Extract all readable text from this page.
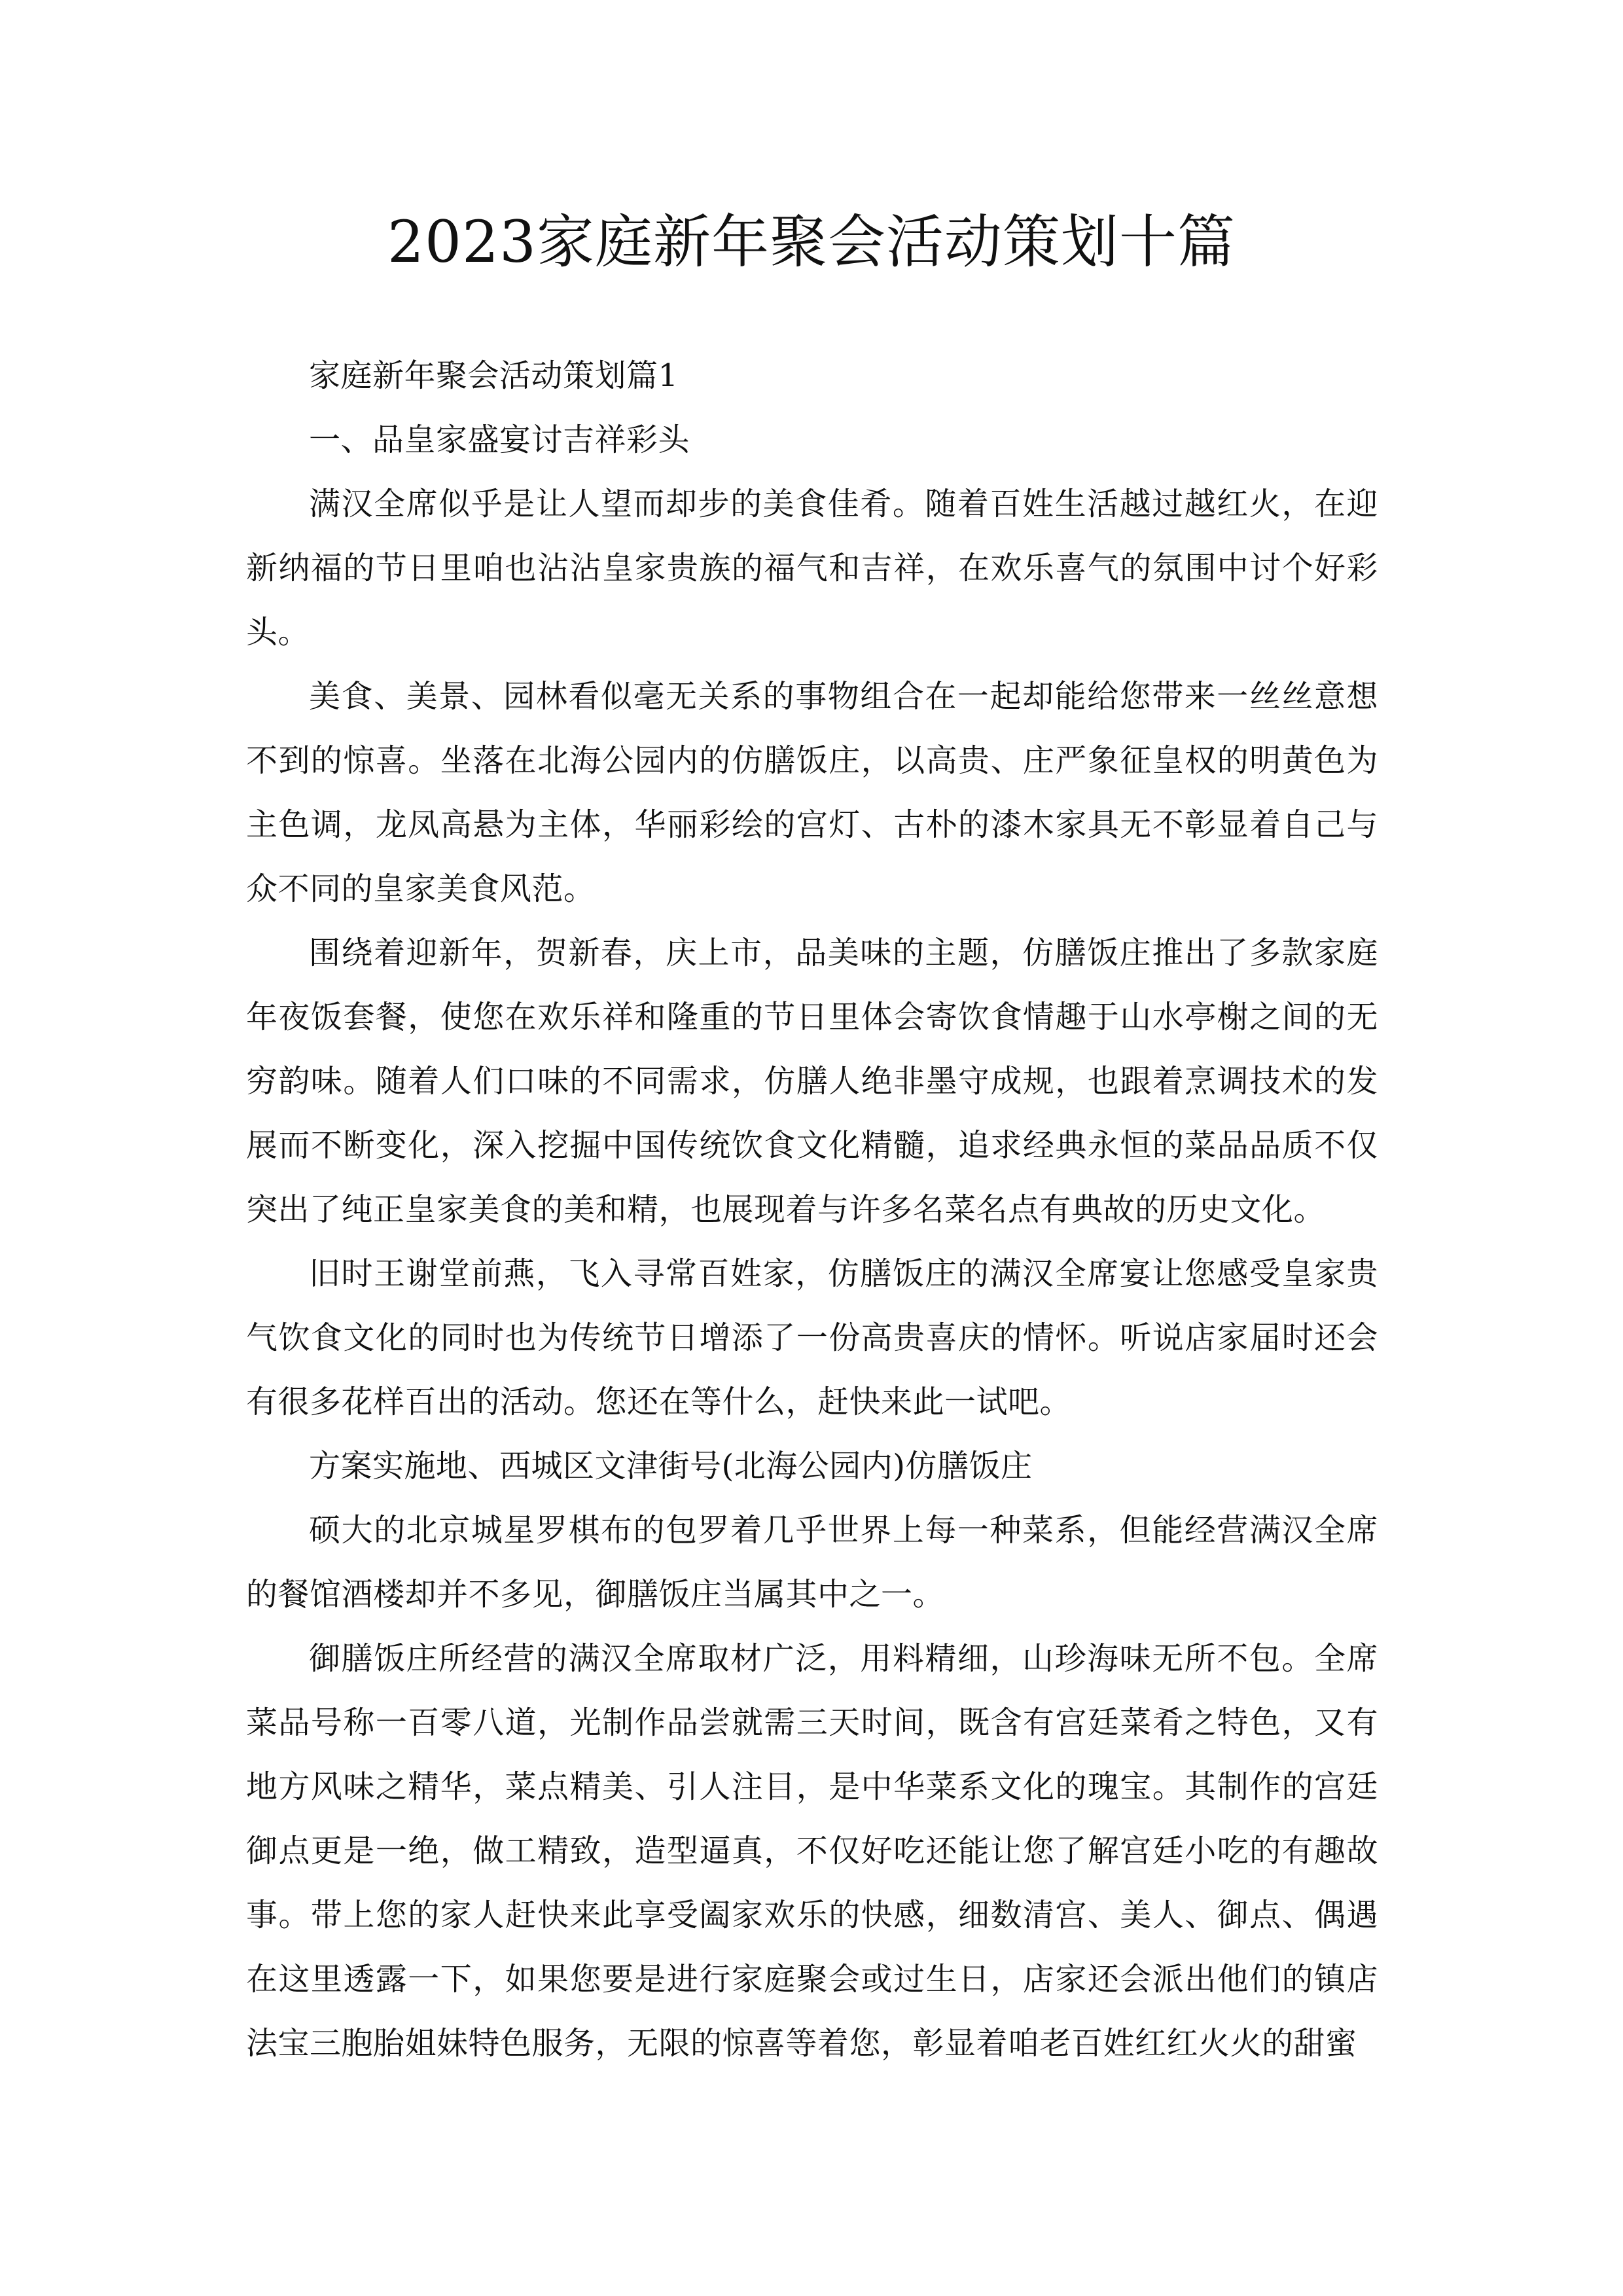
2023家庭新年聚会活动策划十篇

家庭新年聚会活动策划篇1

一、品皇家盛宴讨吉祥彩头

满汉全席似乎是让人望而却步的美食佳肴。随着百姓生活越过越红火，在迎新纳福的节日里咱也沾沾皇家贵族的福气和吉祥，在欢乐喜气的氛围中讨个好彩头。

美食、美景、园林看似毫无关系的事物组合在一起却能给您带来一丝丝意想不到的惊喜。坐落在北海公园内的仿膳饭庄，以高贵、庄严象征皇权的明黄色为主色调，龙凤高悬为主体，华丽彩绘的宫灯、古朴的漆木家具无不彰显着自己与众不同的皇家美食风范。

围绕着迎新年，贺新春，庆上市，品美味的主题，仿膳饭庄推出了多款家庭年夜饭套餐，使您在欢乐祥和隆重的节日里体会寄饮食情趣于山水亭榭之间的无穷韵味。随着人们口味的不同需求，仿膳人绝非墨守成规，也跟着烹调技术的发展而不断变化，深入挖掘中国传统饮食文化精髓，追求经典永恒的菜品品质不仅突出了纯正皇家美食的美和精，也展现着与许多名菜名点有典故的历史文化。

旧时王谢堂前燕，飞入寻常百姓家，仿膳饭庄的满汉全席宴让您感受皇家贵气饮食文化的同时也为传统节日增添了一份高贵喜庆的情怀。听说店家届时还会有很多花样百出的活动。您还在等什么，赶快来此一试吧。

方案实施地、西城区文津街号(北海公园内)仿膳饭庄

硕大的北京城星罗棋布的包罗着几乎世界上每一种菜系，但能经营满汉全席的餐馆酒楼却并不多见，御膳饭庄当属其中之一。

御膳饭庄所经营的满汉全席取材广泛，用料精细，山珍海味无所不包。全席菜品号称一百零八道，光制作品尝就需三天时间，既含有宫廷菜肴之特色，又有地方风味之精华，菜点精美、引人注目，是中华菜系文化的瑰宝。其制作的宫廷御点更是一绝，做工精致，造型逼真，不仅好吃还能让您了解宫廷小吃的有趣故事。带上您的家人赶快来此享受阖家欢乐的快感，细数清宫、美人、御点、偶遇在这里透露一下，如果您要是进行家庭聚会或过生日，店家还会派出他们的镇店法宝三胞胎姐妹特色服务，无限的惊喜等着您，彰显着咱老百姓红红火火的甜蜜
